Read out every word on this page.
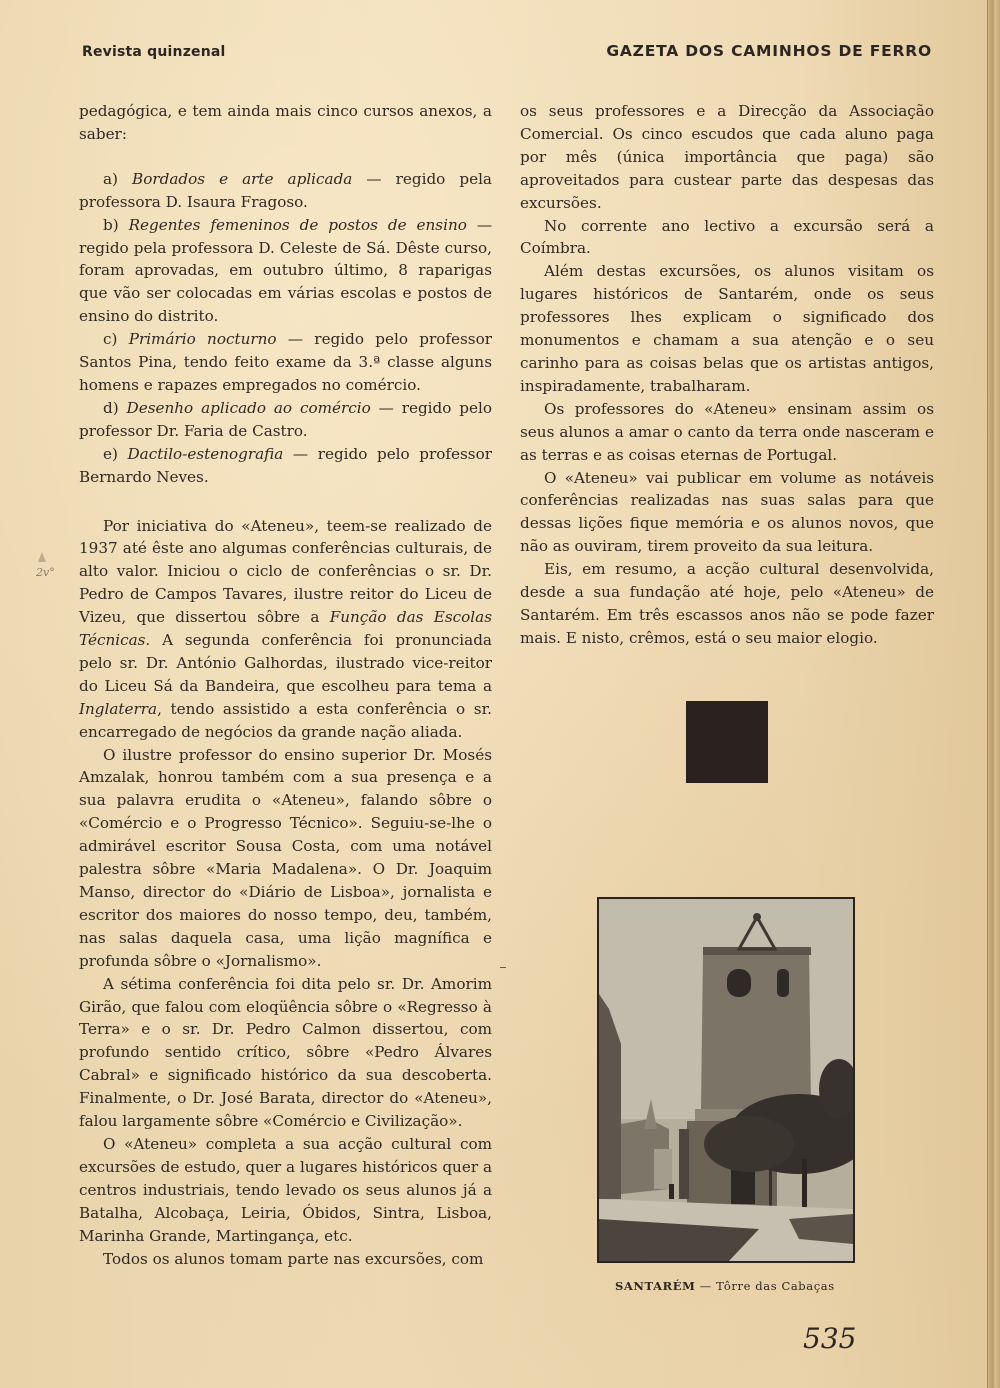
Revista quinzenal	GAZETA DOS CAMINHOS DE FERRO
2v°

pedagógica, e tem ainda mais cinco cursos anexos, a saber:

a) Bordados e arte aplicada — regido pela professora D. Isaura Fragoso.

b) Regentes femeninos de postos de ensino — regido pela professora D. Celeste de Sá. Dêste curso, foram aprovadas, em outubro último, 8 raparigas que vão ser colocadas em várias escolas e postos de ensino do distrito.

c) Primário nocturno — regido pelo professor Santos Pina, tendo feito exame da 3.ª classe alguns homens e rapazes empregados no comércio.

d) Desenho aplicado ao comércio — regido pelo professor Dr. Faria de Castro.

e) Dactilo-estenografia — regido pelo professor Bernardo Neves.

Por iniciativa do «Ateneu», teem-se realizado de 1937 até êste ano algumas conferências culturais, de alto valor. Iniciou o ciclo de conferências o sr. Dr. Pedro de Campos Tavares, ilustre reitor do Liceu de Vizeu, que dissertou sôbre a Função das Escolas Técnicas. A segunda conferência foi pronunciada pelo sr. Dr. António Galhordas, ilustrado vice-reitor do Liceu Sá da Bandeira, que escolheu para tema a Inglaterra, tendo assistido a esta conferência o sr. encarregado de negócios da grande nação aliada.

O ilustre professor do ensino superior Dr. Mosés Amzalak, honrou também com a sua presença e a sua palavra erudita o «Ateneu», falando sôbre o «Comércio e o Progresso Técnico». Seguiu-se-lhe o admirável escritor Sousa Costa, com uma notável palestra sôbre «Maria Madalena». O Dr. Joaquim Manso, director do «Diário de Lisboa», jornalista e escritor dos maiores do nosso tempo, deu, também, nas salas daquela casa, uma lição magnífica e profunda sôbre o «Jornalismo».

A sétima conferência foi dita pelo sr. Dr. Amorim Girão, que falou com eloqüência sôbre o «Regresso à Terra» e o sr. Dr. Pedro Calmon dissertou, com profundo sentido crítico, sôbre «Pedro Álvares Cabral» e significado histórico da sua descoberta. Finalmente, o Dr. José Barata, director do «Ateneu», falou largamente sôbre «Comércio e Civilização».

O «Ateneu» completa a sua acção cultural com excursões de estudo, quer a lugares históricos quer a centros industriais, tendo levado os seus alunos já a Batalha, Alcobaça, Leiria, Óbidos, Sintra, Lisboa, Marinha Grande, Martingança, etc.

Todos os alunos tomam parte nas excursões, com

os seus professores e a Direcção da Associação Comercial. Os cinco escudos que cada aluno paga por mês (única importância que paga) são aproveitados para custear parte das despesas das excursões.

No corrente ano lectivo a excursão será a Coímbra.

Além destas excursões, os alunos visitam os lugares históricos de Santarém, onde os seus professores lhes explicam o significado dos monumentos e chamam a sua atenção e o seu carinho para as coisas belas que os artistas antigos, inspiradamente, trabalharam.

Os professores do «Ateneu» ensinam assim os seus alunos a amar o canto da terra onde nasceram e as terras e as coisas eternas de Portugal.

O «Ateneu» vai publicar em volume as notáveis conferências realizadas nas suas salas para que dessas lições fique memória e os alunos novos, que não as ouviram, tirem proveito da sua leitura.

Eis, em resumo, a acção cultural desenvolvida, desde a sua fundação até hoje, pelo «Ateneu» de Santarém. Em três escassos anos não se pode fazer mais. E nisto, crêmos, está o seu maior elogio.

SANTARÉM — Tôrre das Cabaças
535
